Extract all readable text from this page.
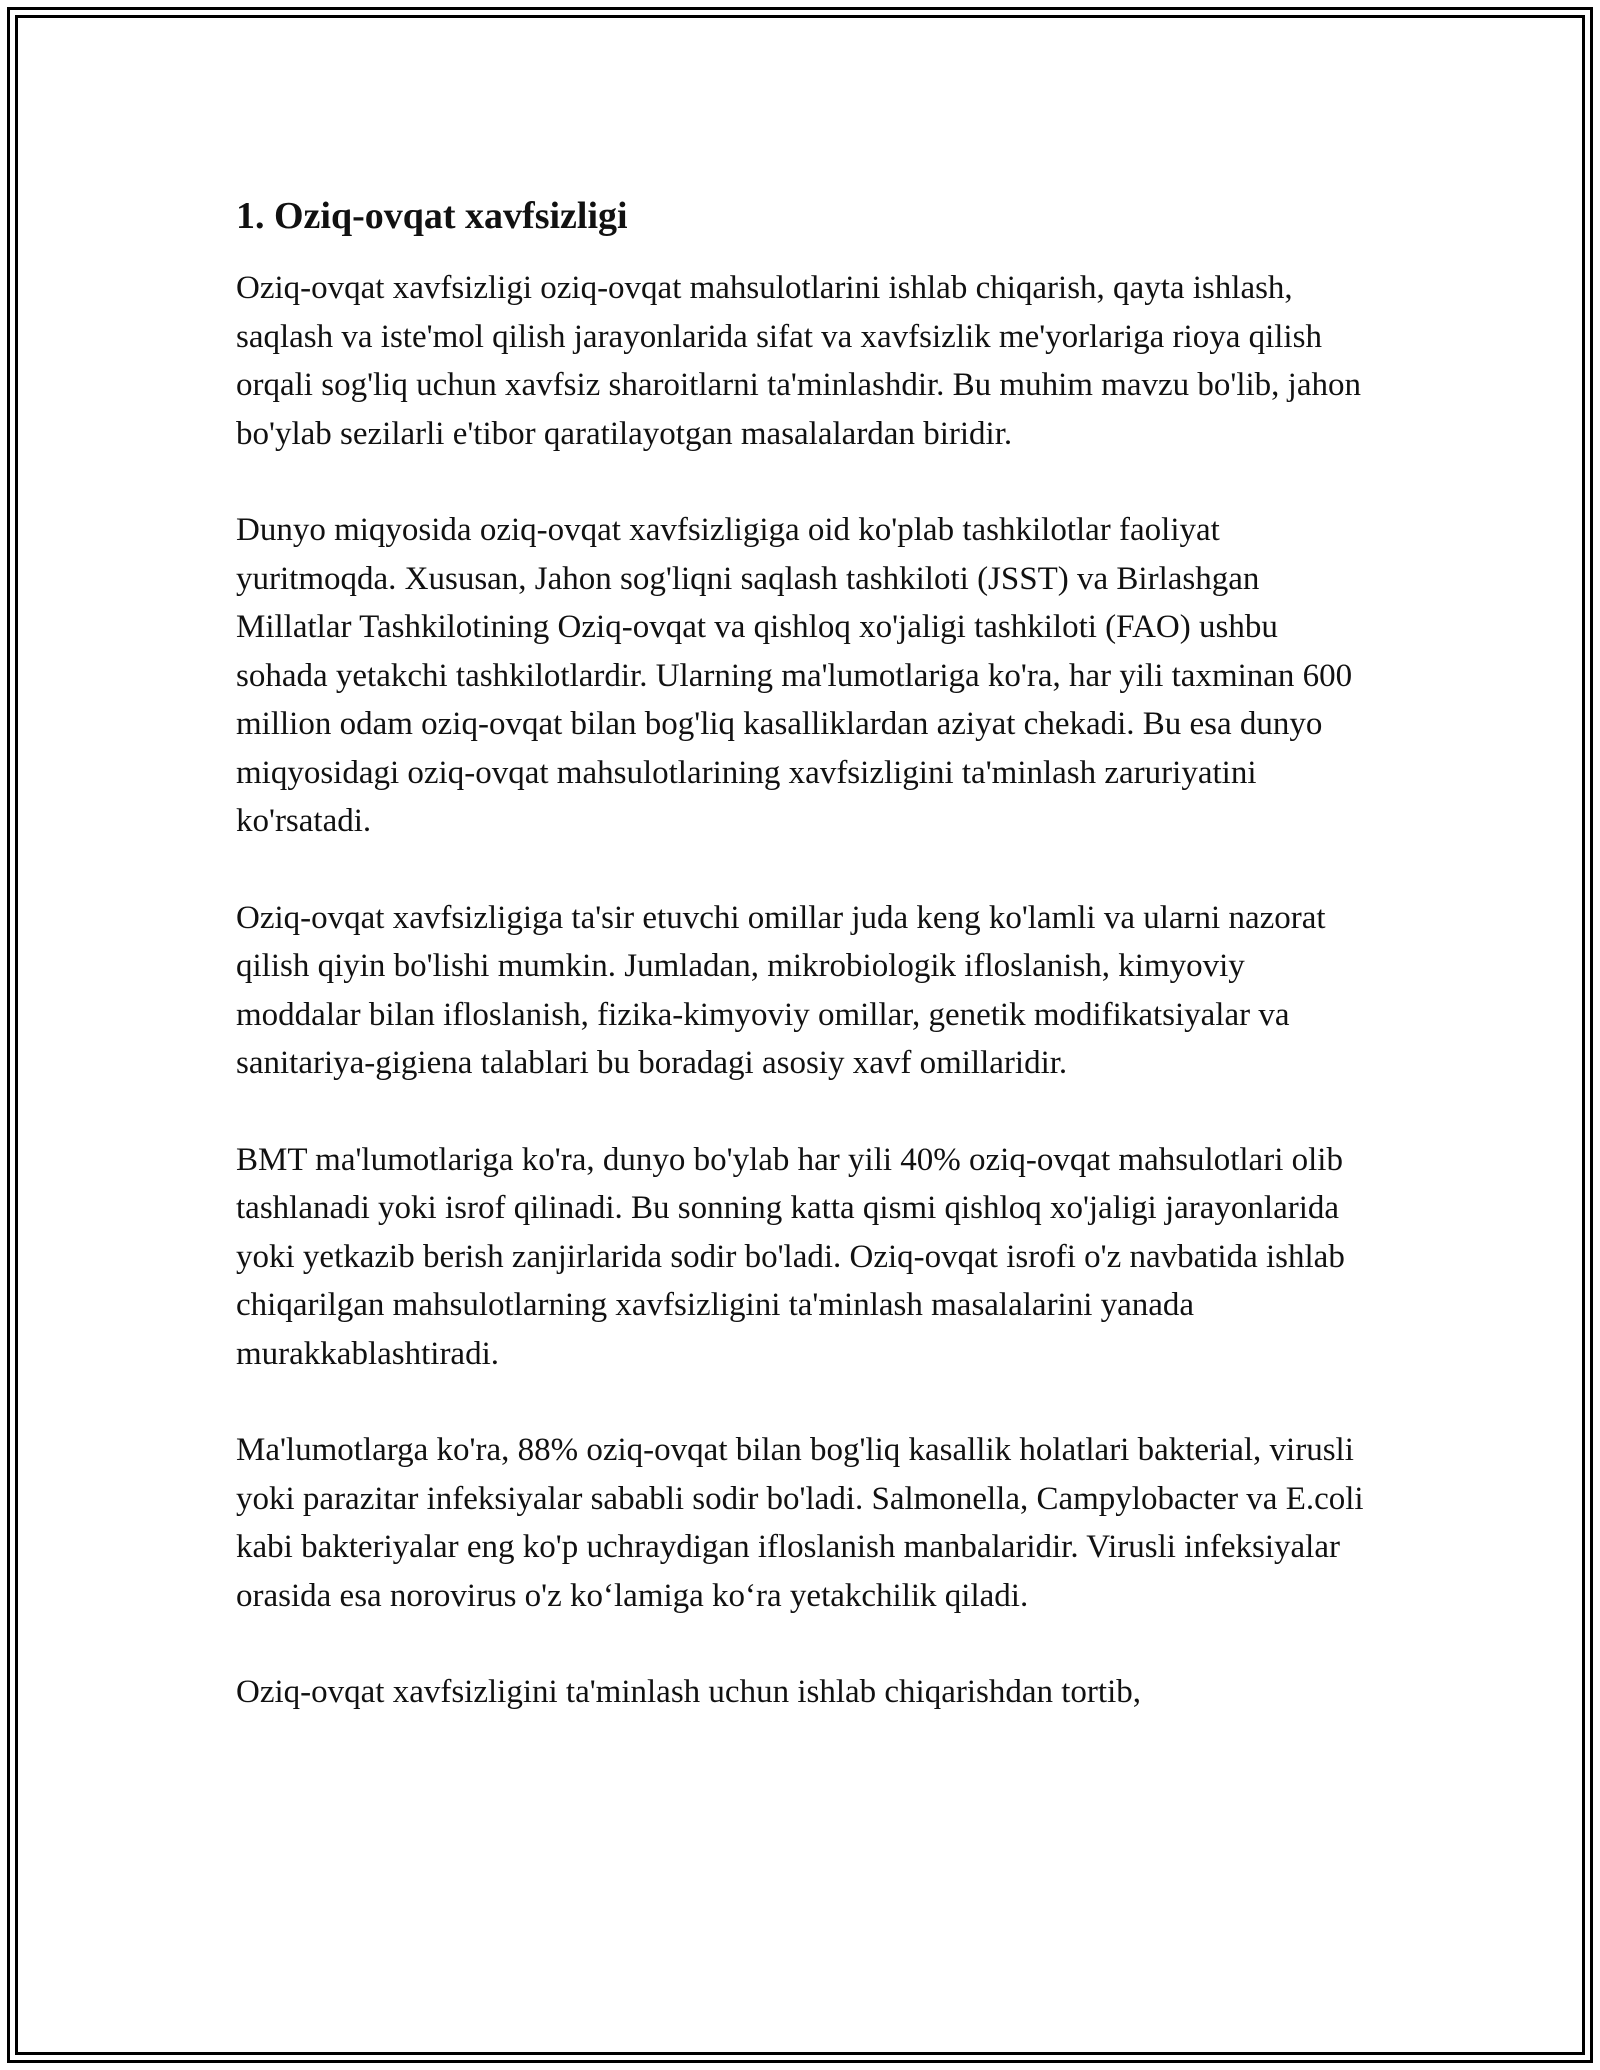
1. Oziq-ovqat xavfsizligi

Oziq-ovqat xavfsizligi oziq-ovqat mahsulotlarini ishlab chiqarish, qayta ishlash, saqlash va iste'mol qilish jarayonlarida sifat va xavfsizlik me'yorlariga rioya qilish orqali sog'liq uchun xavfsiz sharoitlarni ta'minlashdir. Bu muhim mavzu bo'lib, jahon bo'ylab sezilarli e'tibor qaratilayotgan masalalardan biridir.

Dunyo miqyosida oziq-ovqat xavfsizligiga oid ko'plab tashkilotlar faoliyat yuritmoqda. Xususan, Jahon sog'liqni saqlash tashkiloti (JSST) va Birlashgan Millatlar Tashkilotining Oziq-ovqat va qishloq xo'jaligi tashkiloti (FAO) ushbu sohada yetakchi tashkilotlardir. Ularning ma'lumotlariga ko'ra, har yili taxminan 600 million odam oziq-ovqat bilan bog'liq kasalliklardan aziyat chekadi. Bu esa dunyo miqyosidagi oziq-ovqat mahsulotlarining xavfsizligini ta'minlash zaruriyatini ko'rsatadi.

Oziq-ovqat xavfsizligiga ta'sir etuvchi omillar juda keng ko'lamli va ularni nazorat qilish qiyin bo'lishi mumkin. Jumladan, mikrobiologik ifloslanish, kimyoviy moddalar bilan ifloslanish, fizika-kimyoviy omillar, genetik modifikatsiyalar va sanitariya-gigiena talablari bu boradagi asosiy xavf omillaridir.

BMT ma'lumotlariga ko'ra, dunyo bo'ylab har yili 40% oziq-ovqat mahsulotlari olib tashlanadi yoki isrof qilinadi. Bu sonning katta qismi qishloq xo'jaligi jarayonlarida yoki yetkazib berish zanjirlarida sodir bo'ladi. Oziq-ovqat isrofi o'z navbatida ishlab chiqarilgan mahsulotlarning xavfsizligini ta'minlash masalalarini yanada murakkablashtiradi.

Ma'lumotlarga ko'ra, 88% oziq-ovqat bilan bog'liq kasallik holatlari bakterial, virusli yoki parazitar infeksiyalar sababli sodir bo'ladi. Salmonella, Campylobacter va E.coli kabi bakteriyalar eng ko'p uchraydigan ifloslanish manbalaridir. Virusli infeksiyalar orasida esa norovirus o'z ko‘lamiga ko‘ra yetakchilik qiladi.

Oziq-ovqat xavfsizligini ta'minlash uchun ishlab chiqarishdan tortib,
